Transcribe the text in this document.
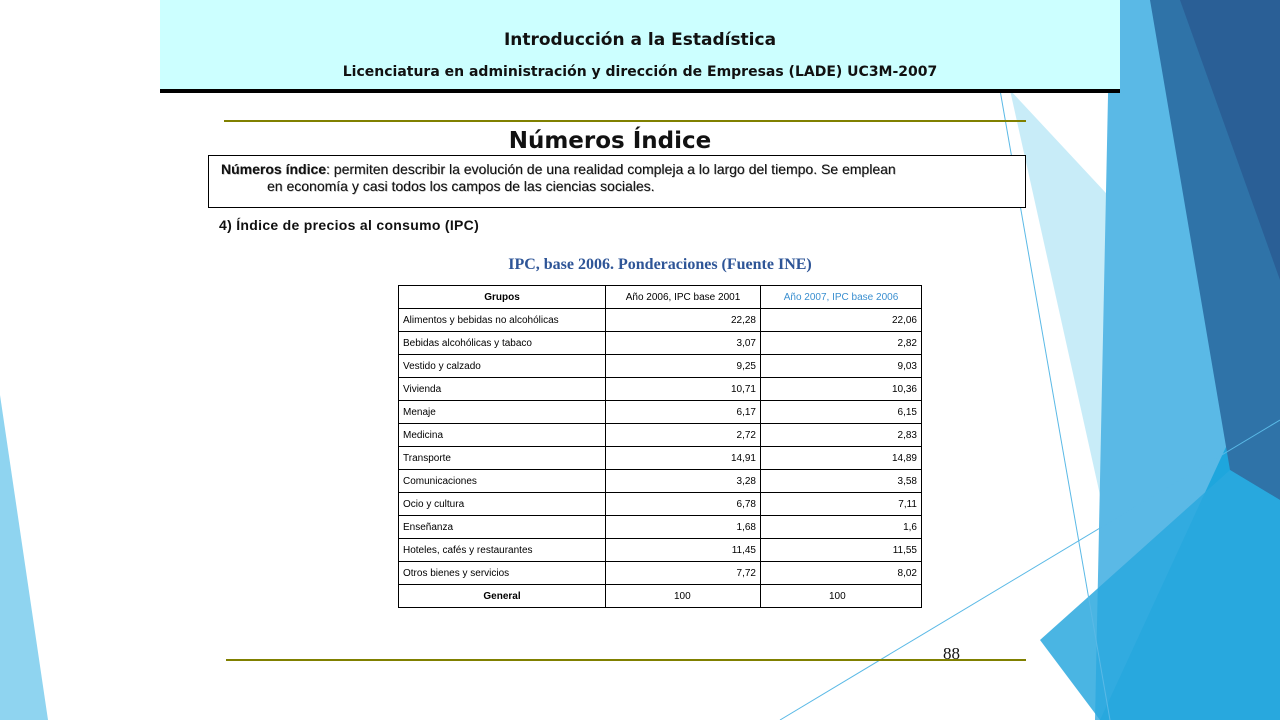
Introducción a la Estadística
Licenciatura en administración y dirección de Empresas (LADE) UC3M-2007
Números Índice
Números índice: permiten describir la evolución de una realidad compleja a lo largo del tiempo. Se emplean
en economía y casi todos los campos de las ciencias sociales.
4) Índice de precios al consumo (IPC)
IPC, base 2006. Ponderaciones (Fuente INE)
Grupos	Año 2006, IPC base 2001	Año 2007, IPC base 2006
Alimentos y bebidas no alcohólicas	22,28	22,06
Bebidas alcohólicas y tabaco	3,07	2,82
Vestido y calzado	9,25	9,03
Vivienda	10,71	10,36
Menaje	6,17	6,15
Medicina	2,72	2,83
Transporte	14,91	14,89
Comunicaciones	3,28	3,58
Ocio y cultura	6,78	7,11
Enseñanza	1,68	1,6
Hoteles, cafés y restaurantes	11,45	11,55
Otros bienes y servicios	7,72	8,02
General	100	100
88
